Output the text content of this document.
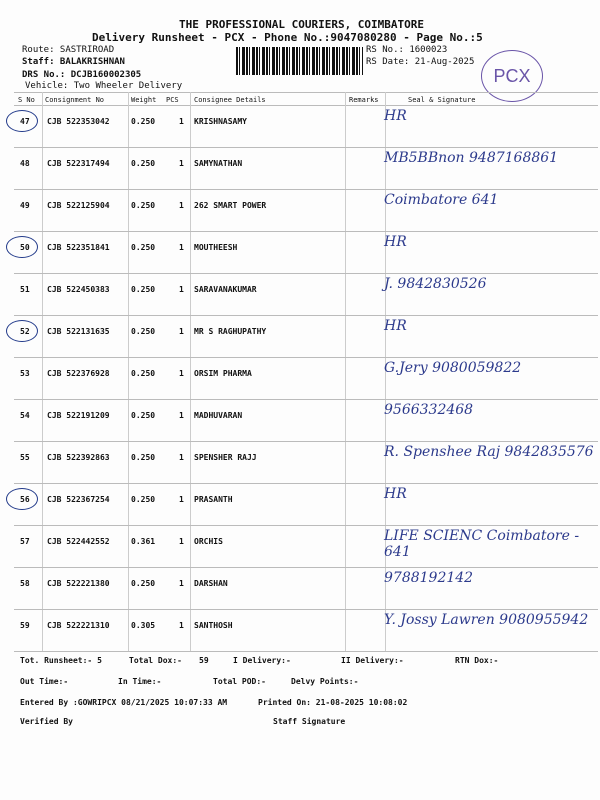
THE PROFESSIONAL COURIERS, COIMBATORE
Delivery Runsheet - PCX - Phone No.:9047080280 - Page No.:5
Route: SASTRIROAD
Staff: BALAKRISHNAN
DRS No.: DCJB160002305
Vehicle: Two Wheeler Delivery
RS No.: 1600023
RS Date: 21-Aug-2025
PCX
S No Consignment No	Weight PCS Consignee Details	Remarks	Seal & Signature
47 CJB 522353042	0.250	1 KRISHNASAMY	HR
48 CJB 522317494	0.250	1 SAMYNATHAN	MB5BBnon 9487168861
49 CJB 522125904	0.250	1 262 SMART POWER	Coimbatore 641
50 CJB 522351841	0.250	1 MOUTHEESH	HR
51 CJB 522450383	0.250	1 SARAVANAKUMAR	J. 9842830526
52 CJB 522131635	0.250	1 MR S RAGHUPATHY	HR
53 CJB 522376928	0.250	1 ORSIM PHARMA	G.Jery 9080059822
54 CJB 522191209	0.250	1 MADHUVARAN	9566332468
55 CJB 522392863	0.250	1 SPENSHER RAJJ	R. Spenshee Raj 9842835576
56 CJB 522367254	0.250	1 PRASANTH	HR
57 CJB 522442552	0.361	1 ORCHIS	LIFE SCIENC Coimbatore - 641
58 CJB 522221380	0.250	1 DARSHAN	9788192142
59 CJB 522221310	0.305	1 SANTHOSH	Y. Jossy Lawren 9080955942
Tot. Runsheet:- 5	Total Dox:- 59	I Delivery:-	II Delivery:-	RTN Dox:-
Out Time:-	In Time:-	Total POD:-	Delvy Points:-
Entered By :GOWRIPCX 08/21/2025 10:07:33 AM	Printed On: 21-08-2025 10:08:02
Verified By	Staff Signature
